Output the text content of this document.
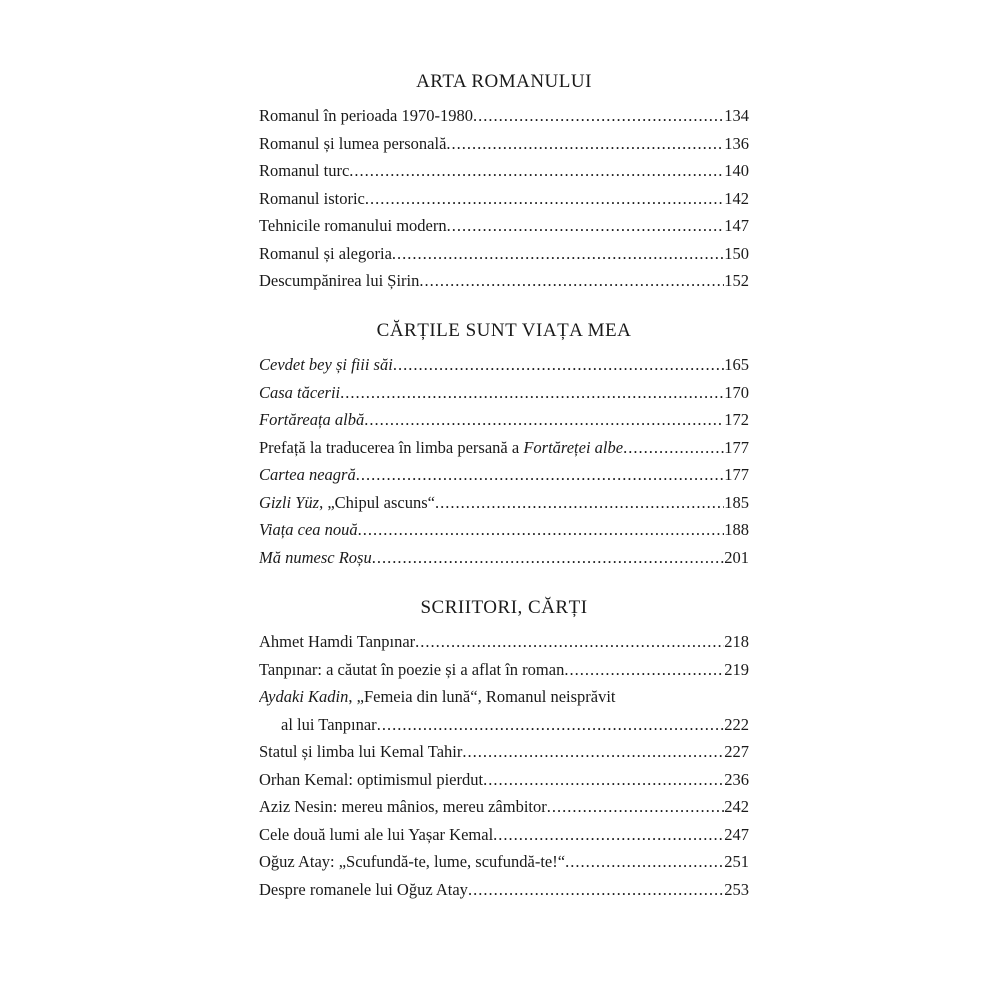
ARTA ROMANULUI
Romanul în perioada 1970-1980 .....	134
Romanul și lumea personală .....	136
Romanul turc .....	140
Romanul istoric .....	142
Tehnicile romanului modern .....	147
Romanul și alegoria .....	150
Descumpănirea lui Șirin .....	152
CĂRȚILE SUNT VIAȚA MEA
Cevdet bey și fiii săi .....	165
Casa tăcerii .....	170
Fortăreața albă .....	172
Prefață la traducerea în limba persană a Fortăreței albe .....	177
Cartea neagră .....	177
Gizli Yüz, „Chipul ascuns“ .....	185
Viața cea nouă .....	188
Mă numesc Roșu .....	201
SCRIITORI, CĂRȚI
Ahmet Hamdi Tanpınar .....	218
Tanpınar: a căutat în poezie și a aflat în roman .....	219
Aydaki Kadin, „Femeia din lună“, Romanul neisprăvit
al lui Tanpınar .....	222
Statul și limba lui Kemal Tahir .....	227
Orhan Kemal: optimismul pierdut .....	236
Aziz Nesin: mereu mânios, mereu zâmbitor .....	242
Cele două lumi ale lui Yașar Kemal .....	247
Oğuz Atay: „Scufundă-te, lume, scufundă-te!“ .....	251
Despre romanele lui Oğuz Atay .....	253
